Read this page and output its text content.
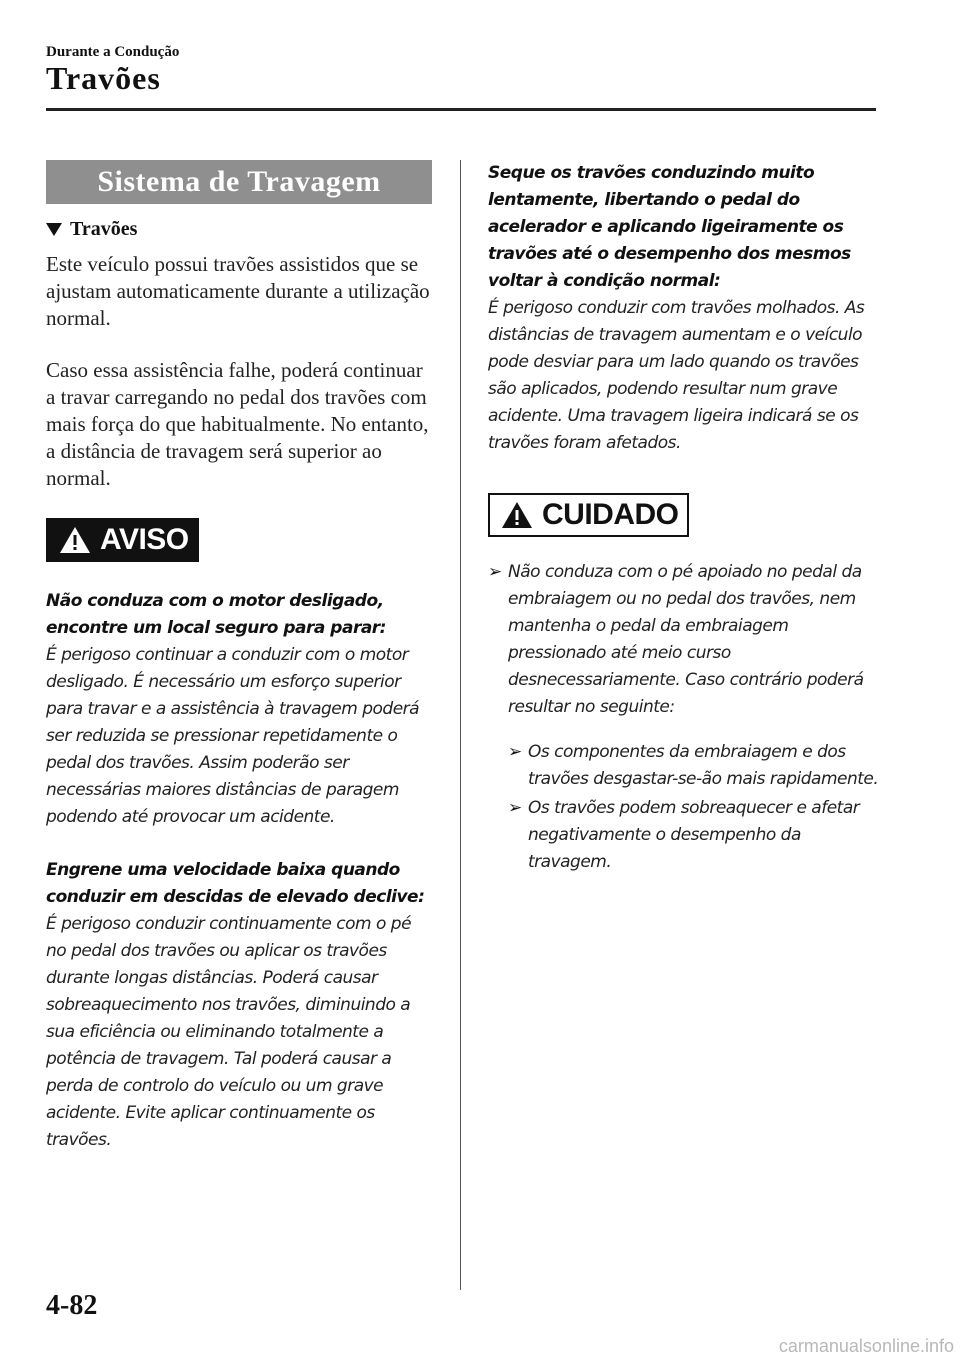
Durante a Condução
Travões
Sistema de Travagem
Travões

Este veículo possui travões assistidos que se ajustam automaticamente durante a utilização normal.

Caso essa assistência falhe, poderá continuar a travar carregando no pedal dos travões com mais força do que habitualmente. No entanto, a distância de travagem será superior ao normal.

AVISO

Não conduza com o motor desligado, encontre um local seguro para parar:

É perigoso continuar a conduzir com o motor desligado. É necessário um esforço superior para travar e a assistência à travagem poderá ser reduzida se pressionar repetidamente o pedal dos travões. Assim poderão ser necessárias maiores distâncias de paragem podendo até provocar um acidente.

Engrene uma velocidade baixa quando conduzir em descidas de elevado declive:

É perigoso conduzir continuamente com o pé no pedal dos travões ou aplicar os travões durante longas distâncias. Poderá causar sobreaquecimento nos travões, diminuindo a sua eficiência ou eliminando totalmente a potência de travagem. Tal poderá causar a perda de controlo do veículo ou um grave acidente. Evite aplicar continuamente os travões.

Seque os travões conduzindo muito lentamente, libertando o pedal do acelerador e aplicando ligeiramente os travões até o desempenho dos mesmos voltar à condição normal:

É perigoso conduzir com travões molhados. As distâncias de travagem aumentam e o veículo pode desviar para um lado quando os travões são aplicados, podendo resultar num grave acidente. Uma travagem ligeira indicará se os travões foram afetados.

CUIDADO
➢ Não conduza com o pé apoiado no pedal da embraiagem ou no pedal dos travões, nem mantenha o pedal da embraiagem pressionado até meio curso desnecessariamente. Caso contrário poderá resultar no seguinte:
➢ Os componentes da embraiagem e dos travões desgastar-se-ão mais rapidamente.
➢ Os travões podem sobreaquecer e afetar negativamente o desempenho da travagem.
4-82
carmanualsonline.info
